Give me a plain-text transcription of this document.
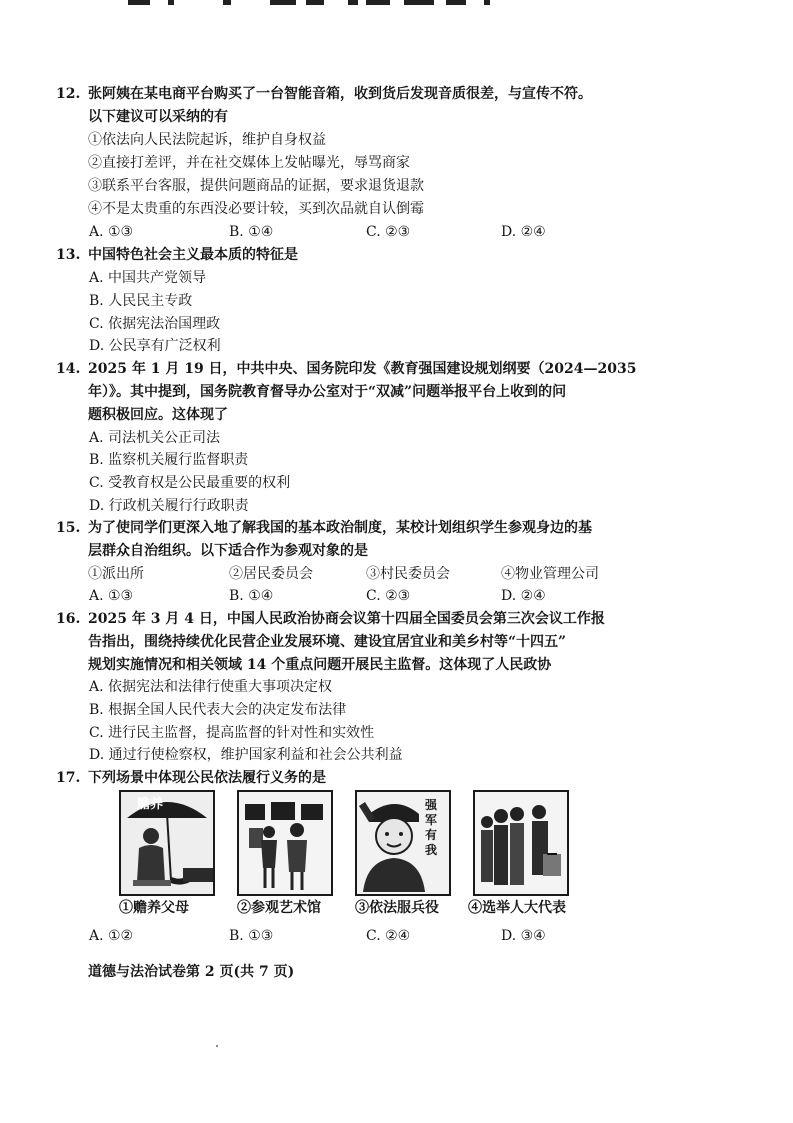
12. 张阿姨在某电商平台购买了一台智能音箱，收到货后发现音质很差，与宣传不符。
以下建议可以采纳的有
①依法向人民法院起诉，维护自身权益
②直接打差评，并在社交媒体上发帖曝光，辱骂商家
③联系平台客服，提供问题商品的证据，要求退货退款
④不是太贵重的东西没必要计较，买到次品就自认倒霉
A. ①③	B. ①④	C. ②③	D. ②④
13. 中国特色社会主义最本质的特征是
A. 中国共产党领导
B. 人民民主专政
C. 依据宪法治国理政
D. 公民享有广泛权利
14. 2025 年 1 月 19 日，中共中央、国务院印发《教育强国建设规划纲要（2024—2035
年）》。其中提到，国务院教育督导办公室对于“双减”问题举报平台上收到的问
题积极回应。这体现了
A. 司法机关公正司法
B. 监察机关履行监督职责
C. 受教育权是公民最重要的权利
D. 行政机关履行行政职责
15. 为了使同学们更深入地了解我国的基本政治制度，某校计划组织学生参观身边的基
层群众自治组织。以下适合作为参观对象的是
①派出所	②居民委员会	③村民委员会	④物业管理公司
A. ①③	B. ①④	C. ②③	D. ②④
16. 2025 年 3 月 4 日，中国人民政治协商会议第十四届全国委员会第三次会议工作报
告指出，围绕持续优化民营企业发展环境、建设宜居宜业和美乡村等“十四五”
规划实施情况和相关领域 14 个重点问题开展民主监督。这体现了人民政协
A. 依据宪法和法律行使重大事项决定权
B. 根据全国人民代表大会的决定发布法律
C. 进行民主监督，提高监督的针对性和实效性
D. 通过行使检察权，维护国家利益和社会公共利益
17. 下列场景中体现公民依法履行义务的是
赡养	强
军
有
我
①赡养父母	②参观艺术馆 ③依法服兵役 ④选举人大代表
A. ①②	B. ①③	C. ②④	D. ③④
道德与法治试卷第 2 页(共 7 页)
